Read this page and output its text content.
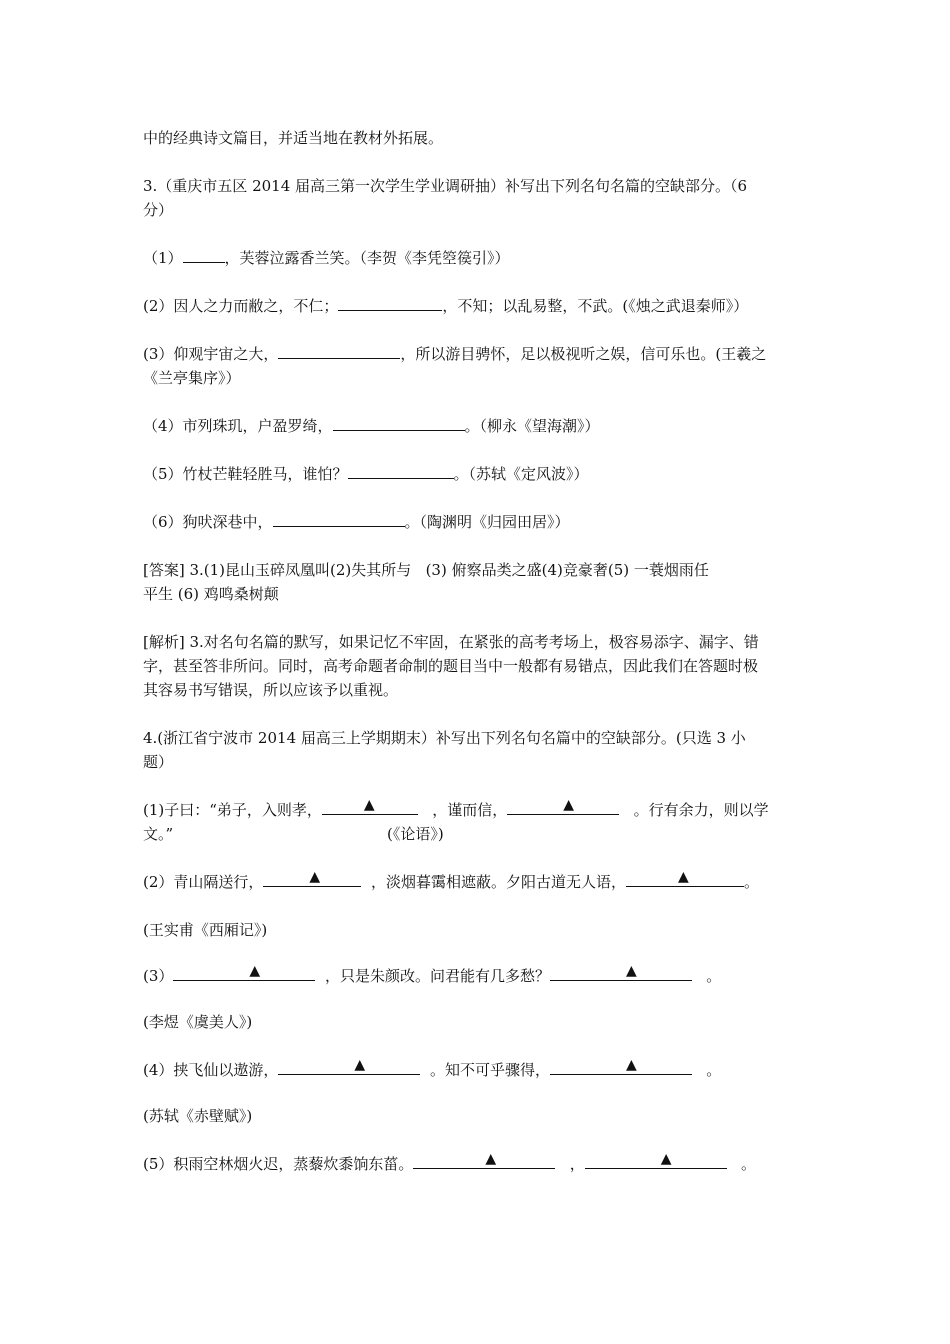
中的经典诗文篇目，并适当地在教材外拓展。
3.（重庆市五区 2014 届高三第一次学生学业调研抽）补写出下列名句名篇的空缺部分。（6
分）
（1）	，芙蓉泣露香兰笑。（李贺《李凭箜篌引》）
(2）因人之力而敝之，不仁；	，不知；以乱易整，不武。(《烛之武退秦师》）
(3）仰观宇宙之大，	，所以游目骋怀，足以极视听之娱，信可乐也。(王羲之
《兰亭集序》）
（4）市列珠玑，户盈罗绮，	。（柳永《望海潮》）
（5）竹杖芒鞋轻胜马，谁怕？	。（苏轼《定风波》）
（6）狗吠深巷中，	。（陶渊明《归园田居》）
[答案] 3.(1)昆山玉碎凤凰叫(2)失其所与   (3) 俯察品类之盛(4)竞豪奢(5) 一蓑烟雨任
平生 (6) 鸡鸣桑树颠
[解析] 3.对名句名篇的默写，如果记忆不牢固，在紧张的高考考场上，极容易添字、漏字、错
字，甚至答非所问。同时，高考命题者命制的题目当中一般都有易错点，因此我们在答题时极
其容易书写错误，所以应该予以重视。
4.(浙江省宁波市 2014 届高三上学期期末）补写出下列名句名篇中的空缺部分。(只选 3 小
题）
(1)子曰：“弟子，入则孝，	▲	，谨而信，	▲	。行有余力，则以学
文。”	(《论语》)
(2）青山隔送行，	▲	，淡烟暮霭相遮蔽。夕阳古道无人语，	▲	。
(王实甫《西厢记》)
(3）	▲	，只是朱颜改。问君能有几多愁？	▲	。
(李煜《虞美人》)
(4）挟飞仙以遨游，	▲	。知不可乎骤得，	▲	。
(苏轼《赤壁赋》)
(5）积雨空林烟火迟，蒸藜炊黍饷东菑。	▲	，	▲	。
